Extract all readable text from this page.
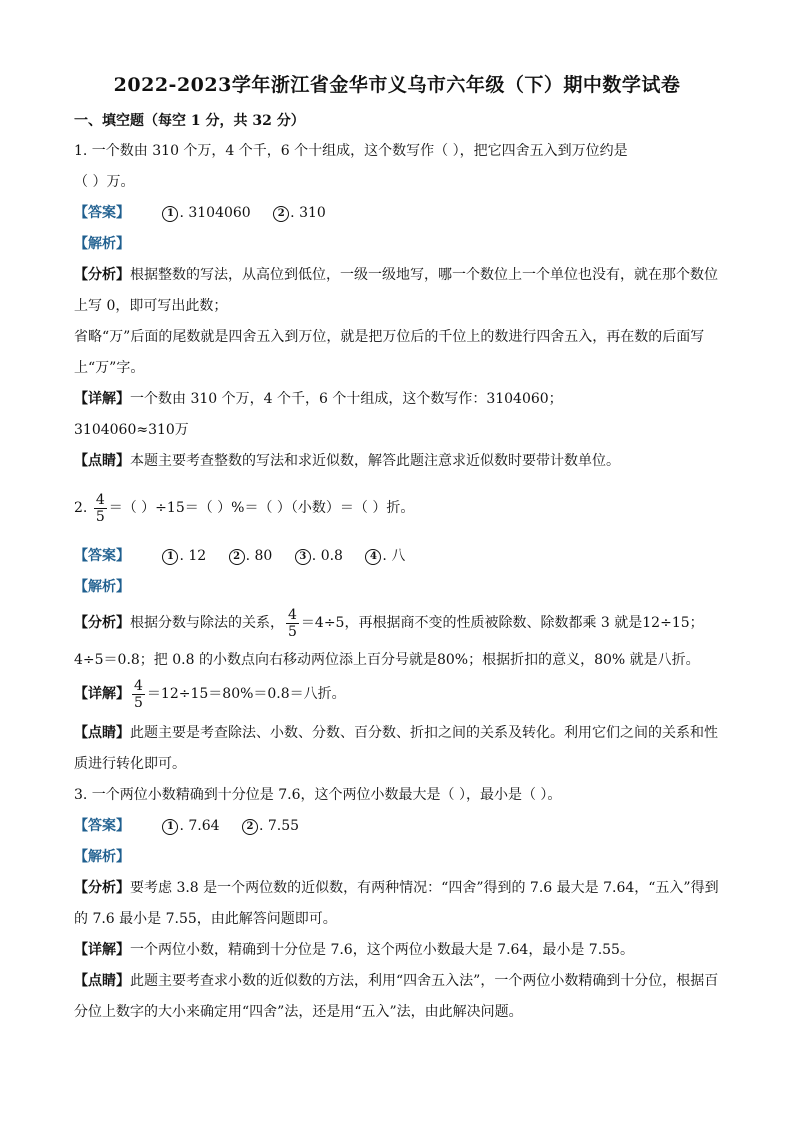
2022-2023学年浙江省金华市义乌市六年级（下）期中数学试卷
一、填空题（每空 1 分，共 32 分）
1. 一个数由 310 个万，4 个千，6 个十组成，这个数写作（ ），把它四舍五入到万位约是
（ ）万。
【答案】	1 . 3104060	2 . 310
【解析】
【分析】根据整数的写法，从高位到低位，一级一级地写，哪一个数位上一个单位也没有，就在那个数位
上写 0，即可写出此数；
省略“万”后面的尾数就是四舍五入到万位，就是把万位后的千位上的数进行四舍五入，再在数的后面写
上“万”字。
【详解】一个数由 310 个万，4 个千，6 个十组成，这个数写作：3104060；
3104060≈310万
【点睛】本题主要考查整数的写法和求近似数，解答此题注意求近似数时要带计数单位。
2. $\frac{4}{5}$ ＝（ ）÷15＝（ ）%＝（ ）（小数）＝（ ）折。
【答案】	1 . 12	2 . 80	3 . 0.8	4 . 八
【解析】
【分析】根据分数与除法的关系， $\frac{4}{5} =4\div 5$，再根据商不变的性质被除数、除数都乘 3 就是12÷15；
4÷5＝0.8；把 0.8 的小数点向右移动两位添上百分号就是80%；根据折扣的意义，80% 就是八折。
【详解】 $\frac{4}{5} =12\div 15=80\%=0.8=$八折。
【点睛】此题主要是考查除法、小数、分数、百分数、折扣之间的关系及转化。利用它们之间的关系和性
质进行转化即可。
3. 一个两位小数精确到十分位是 7.6，这个两位小数最大是（ ），最小是（ ）。
【答案】	1 . 7.64	2 . 7.55
【解析】
【分析】要考虑 3.8 是一个两位数的近似数，有两种情况：“四舍”得到的 7.6 最大是 7.64，“五入”得到
的 7.6 最小是 7.55，由此解答问题即可。
【详解】一个两位小数，精确到十分位是 7.6，这个两位小数最大是 7.64，最小是 7.55。
【点睛】此题主要考查求小数的近似数的方法，利用“四舍五入法”，一个两位小数精确到十分位，根据百
分位上数字的大小来确定用“四舍”法，还是用“五入”法，由此解决问题。
